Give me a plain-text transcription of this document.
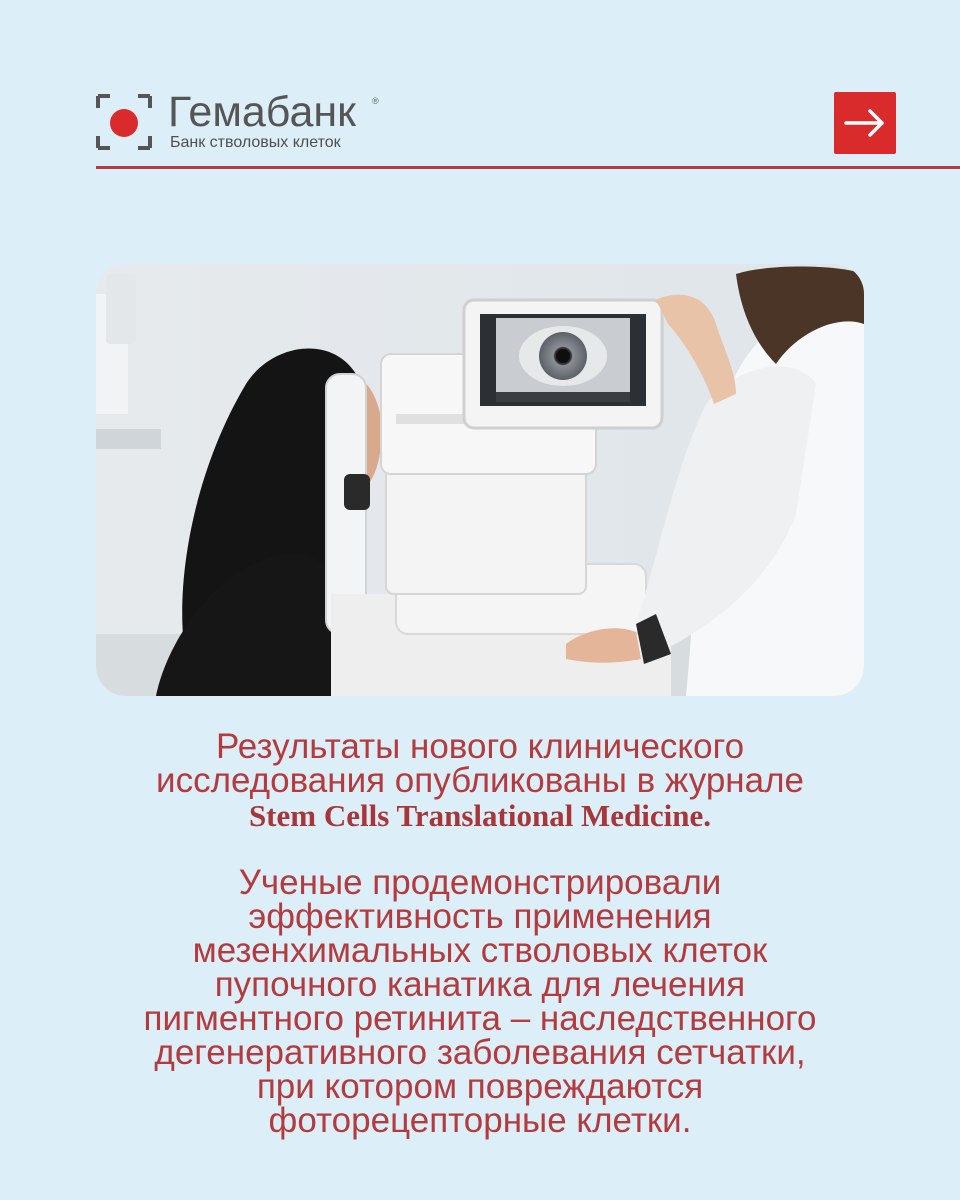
Гемабанк ®
Банк стволовых клеток
Результаты нового клинического
исследования опубликованы в журнале
Stem Cells Translational Medicine.
Ученые продемонстрировали
эффективность применения
мезенхимальных стволовых клеток
пупочного канатика для лечения
пигментного ретинита – наследственного
дегенеративного заболевания сетчатки,
при котором повреждаются
фоторецепторные клетки.
